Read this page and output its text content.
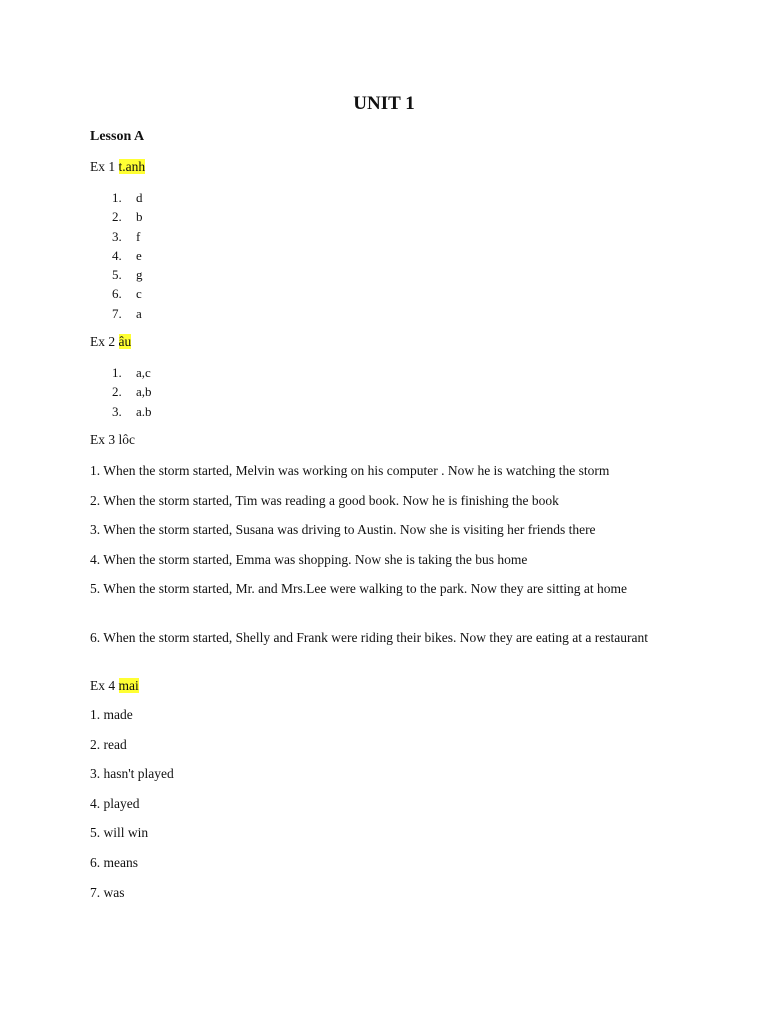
UNIT 1
Lesson A
Ex 1 t.anh
1.	d
2.	b
3.	f
4.	e
5.	g
6.	c
7.	a
Ex 2 âu
1.	a,c
2.	a,b
3.	a.b
Ex 3 lôc
1. When the storm started, Melvin was working on his computer . Now he is watching the storm
2. When the storm started, Tim was reading a good book. Now he is finishing the book
3. When the storm started, Susana was driving to Austin. Now she is visiting her friends there
4. When the storm started, Emma was shopping. Now she is taking the bus home
5. When the storm started, Mr. and Mrs.Lee were walking to the park. Now they are sitting at home
6. When the storm started, Shelly and Frank were riding their bikes. Now they are eating at a restaurant
Ex 4 mai
1. made
2. read
3. hasn't played
4. played
5. will win
6. means
7. was
